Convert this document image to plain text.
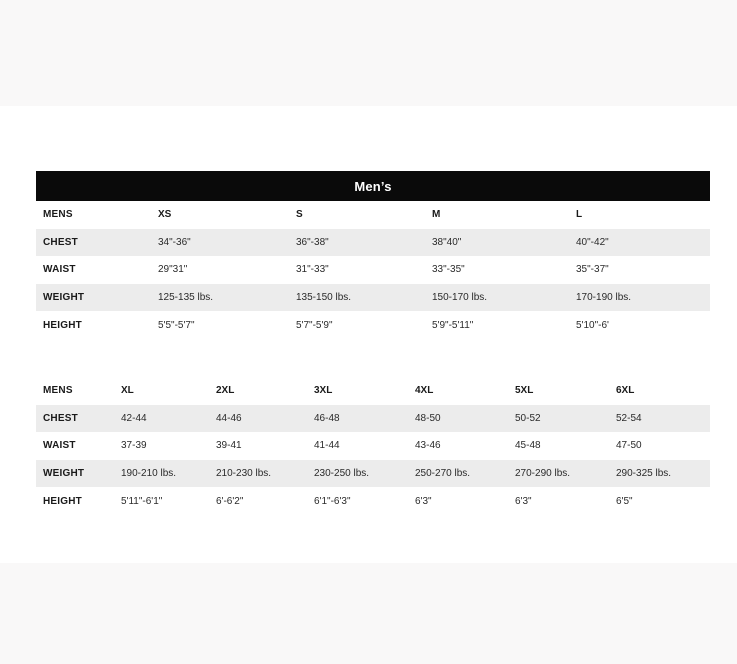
Men’s				
MENS	XS	S	M	L
CHEST	34"-36"	36"-38"	38"40"	40"-42"
WAIST	29"31"	31"-33"	33"-35"	35"-37"
WEIGHT	125-135 lbs.	135-150 lbs.	150-170 lbs.	170-190 lbs.
HEIGHT	5'5"-5'7"	5'7"-5'9"	5'9"-5'11"	5'10"-6'
MENS	XL	2XL	3XL	4XL	5XL	6XL
CHEST	42-44	44-46	46-48	48-50	50-52	52-54
WAIST	37-39	39-41	41-44	43-46	45-48	47-50
WEIGHT	190-210 lbs.	210-230 lbs.	230-250 lbs.	250-270 lbs.	270-290 lbs.	290-325 lbs.
HEIGHT	5'11"-6'1"	6'-6'2"	6'1"-6'3"	6'3"	6'3"	6'5"
